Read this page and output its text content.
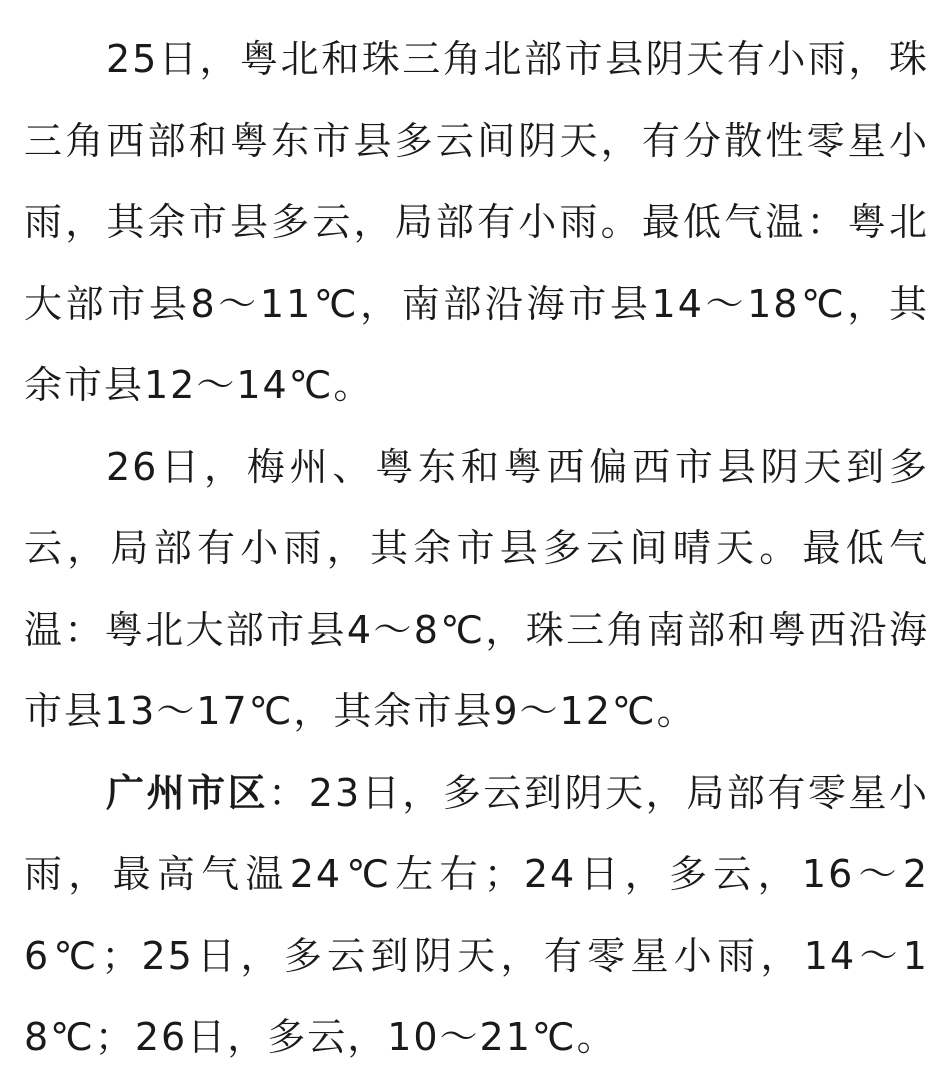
25日，粤北和珠三角北部市县阴天有小雨，珠三角西部和粤东市县多云间阴天，有分散性零星小雨，其余市县多云，局部有小雨。最低气温：粤北大部市县8～11℃，南部沿海市县14～18℃，其余市县12～14℃。

26日，梅州、粤东和粤西偏西市县阴天到多云，局部有小雨，其余市县多云间晴天。最低气温：粤北大部市县4～8℃，珠三角南部和粤西沿海市县13～17℃，其余市县9～12℃。

广州市区：23日，多云到阴天，局部有零星小雨，最高气温24℃左右；24日，多云，16～26℃；25日，多云到阴天，有零星小雨，14～18℃；26日，多云，10～21℃。
